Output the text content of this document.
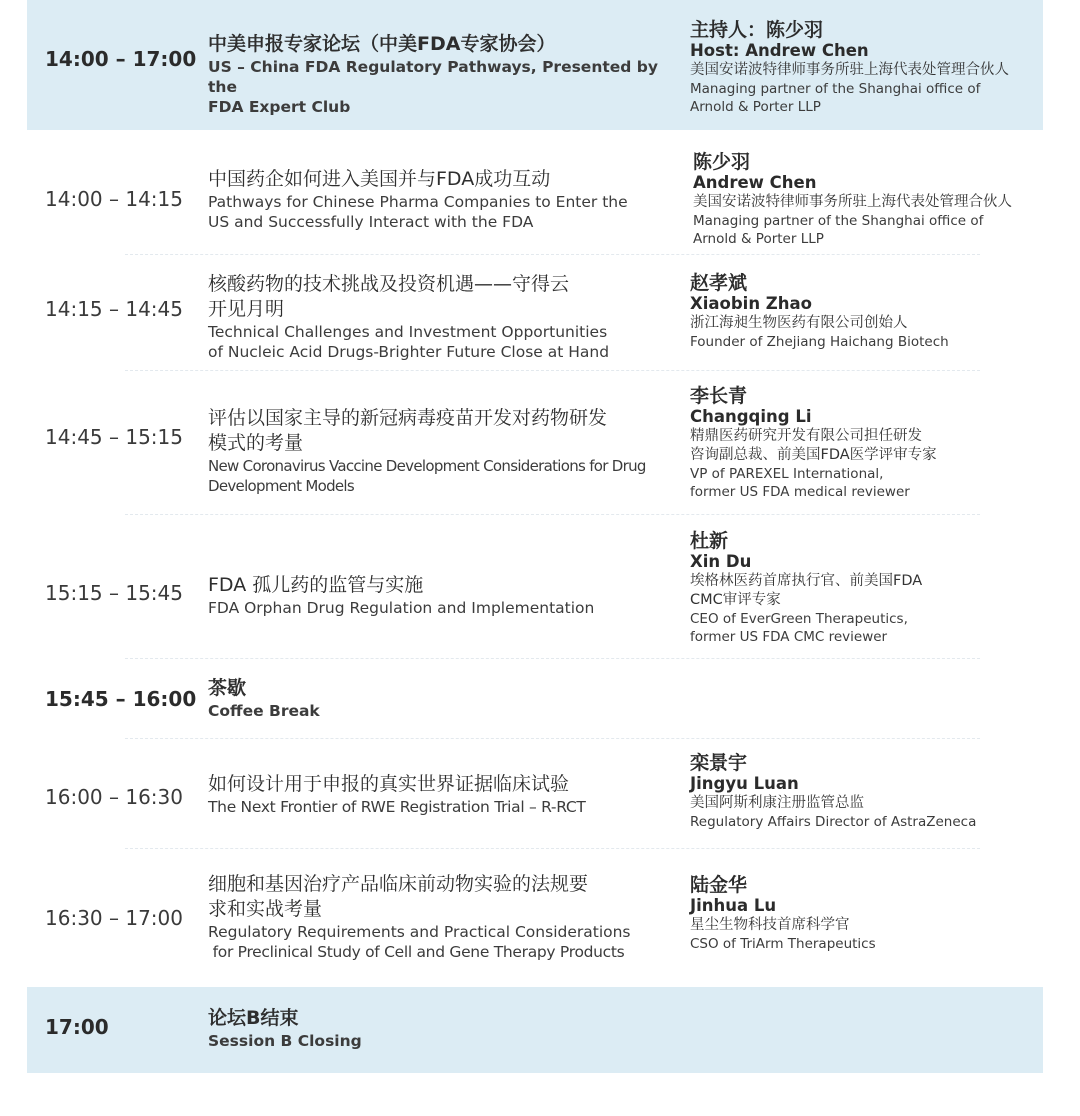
14:00 – 17:00
中美申报专家论坛（中美FDA专家协会）
US – China FDA Regulatory Pathways, Presented by the
FDA Expert Club
主持人：陈少羽
Host: Andrew Chen
美国安诺波特律师事务所驻上海代表处管理合伙人
Managing partner of the Shanghai office of
Arnold & Porter LLP
14:00 – 14:15
中国药企如何进入美国并与FDA成功互动
Pathways for Chinese Pharma Companies to Enter the
US and Successfully Interact with the FDA
陈少羽
Andrew Chen
美国安诺波特律师事务所驻上海代表处管理合伙人
Managing partner of the Shanghai office of
Arnold & Porter LLP
14:15 – 14:45
核酸药物的技术挑战及投资机遇——守得云
开见月明
Technical Challenges and Investment Opportunities
of Nucleic Acid Drugs-Brighter Future Close at Hand
赵孝斌
Xiaobin Zhao
浙江海昶生物医药有限公司创始人
Founder of Zhejiang Haichang Biotech
14:45 – 15:15
评估以国家主导的新冠病毒疫苗开发对药物研发
模式的考量
New Coronavirus Vaccine Development Considerations for Drug
Development Models
李长青
Changqing Li
精鼎医药研究开发有限公司担任研发
咨询副总裁、前美国FDA医学评审专家
VP of PAREXEL International,
former US FDA medical reviewer
15:15 – 15:45	FDA 孤儿药的监管与实施
FDA Orphan Drug Regulation and Implementation
杜新
Xin Du
埃格林医药首席执行官、前美国FDA
CMC审评专家
CEO of EverGreen Therapeutics,
former US FDA CMC reviewer
15:45 – 16:00 茶歇
Coffee Break
16:00 – 16:30
如何设计用于申报的真实世界证据临床试验
The Next Frontier of RWE Registration Trial – R-RCT
栾景宇
Jingyu Luan
美国阿斯利康注册监管总监
Regulatory Affairs Director of AstraZeneca
16:30 – 17:00
细胞和基因治疗产品临床前动物实验的法规要
求和实战考量
Regulatory Requirements and Practical Considerations
for Preclinical Study of Cell and Gene Therapy Products
陆金华
Jinhua Lu
星尘生物科技首席科学官
CSO of TriArm Therapeutics
17:00	论坛B结束
Session B Closing
